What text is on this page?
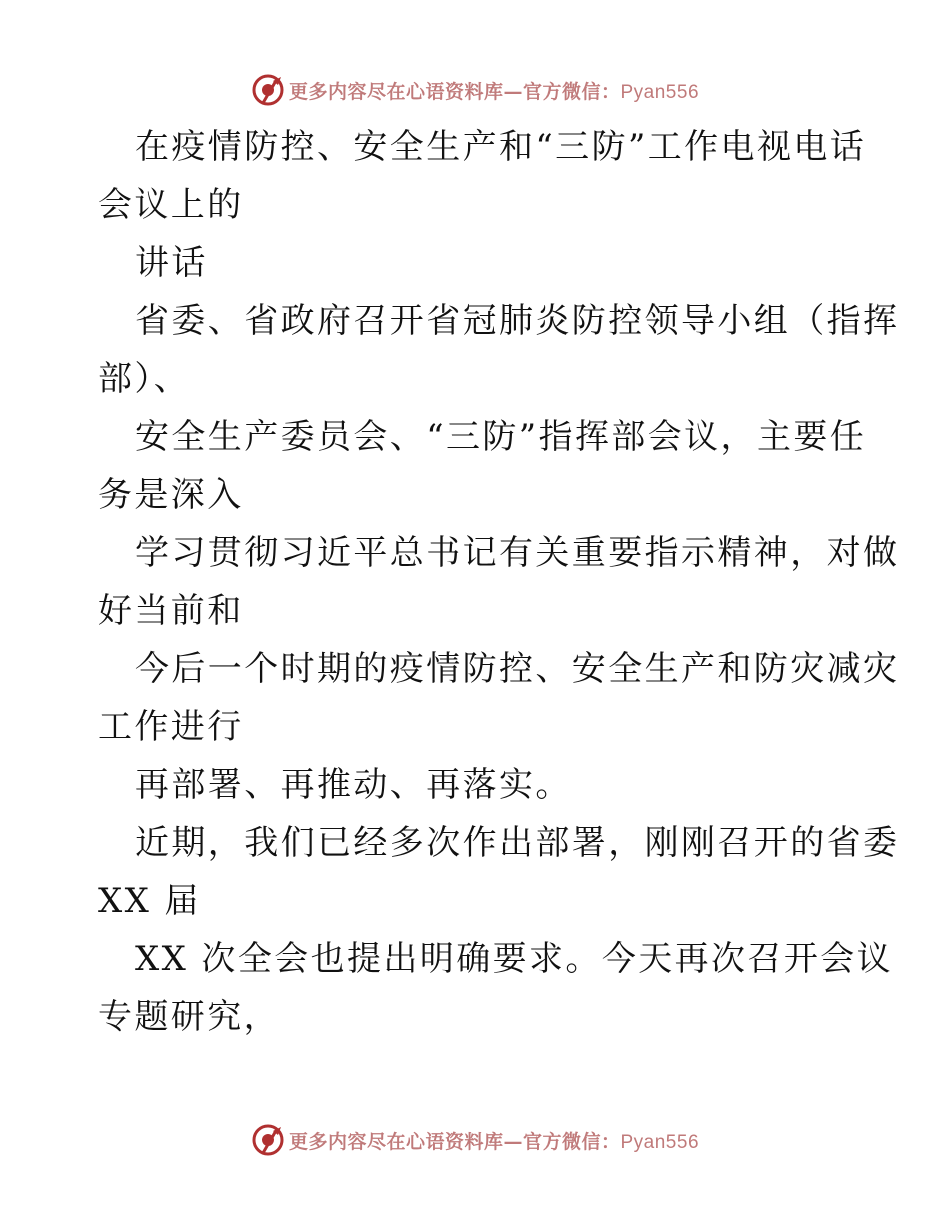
更多内容尽在心语资料库—官方微信：Pyan556
在疫情防控、安全生产和“三防”工作电视电话
会议上的
讲话
省委、省政府召开省冠肺炎防控领导小组（指挥
部）、
安全生产委员会、“三防”指挥部会议，主要任
务是深入
学习贯彻习近平总书记有关重要指示精神，对做
好当前和
今后一个时期的疫情防控、安全生产和防灾减灾
工作进行
再部署、再推动、再落实。
近期，我们已经多次作出部署，刚刚召开的省委
XX 届
XX 次全会也提出明确要求。今天再次召开会议
专题研究，
更多内容尽在心语资料库—官方微信：Pyan556
